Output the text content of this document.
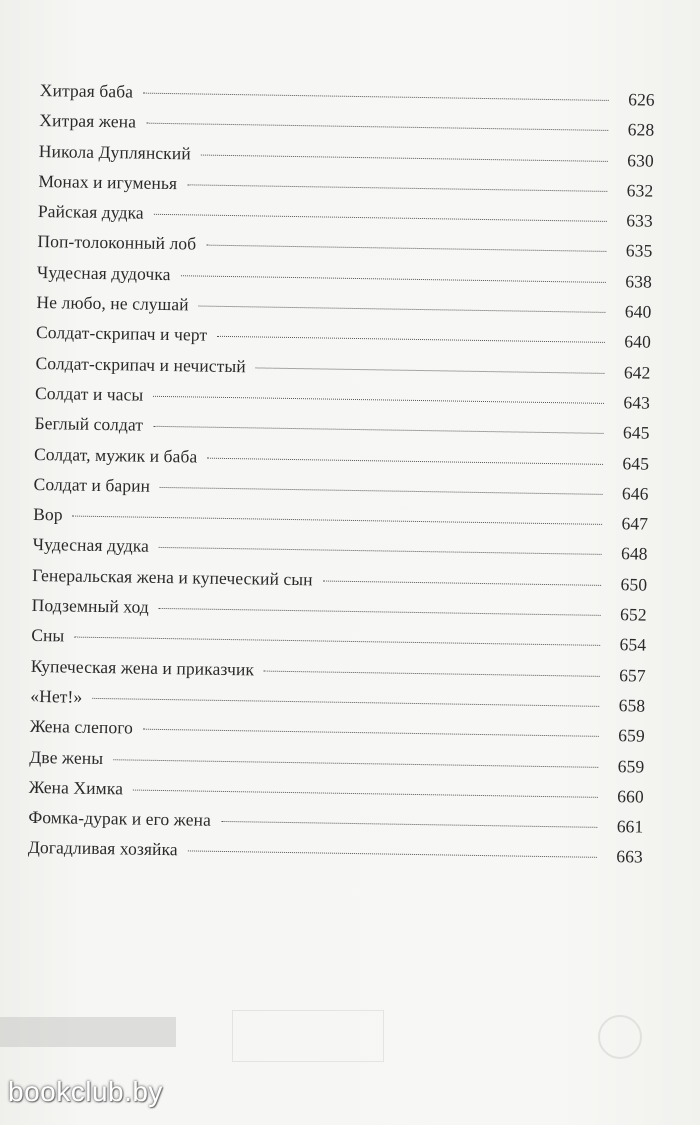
Хитрая баба	626
Хитрая жена	628
Никола Дуплянский	630
Монах и игуменья	632
Райская дудка	633
Поп-толоконный лоб	635
Чудесная дудочка	638
Не любо, не слушай	640
Солдат-скрипач и черт	640
Солдат-скрипач и нечистый	642
Солдат и часы	643
Беглый солдат	645
Солдат, мужик и баба	645
Солдат и барин	646
Вор	647
Чудесная дудка	648
Генеральская жена и купеческий сын	650
Подземный ход	652
Сны	654
Купеческая жена и приказчик	657
«Нет!»	658
Жена слепого	659
Две жены	659
Жена Химка	660
Фомка-дурак и его жена	661
Догадливая хозяйка	663
bookclub.by
